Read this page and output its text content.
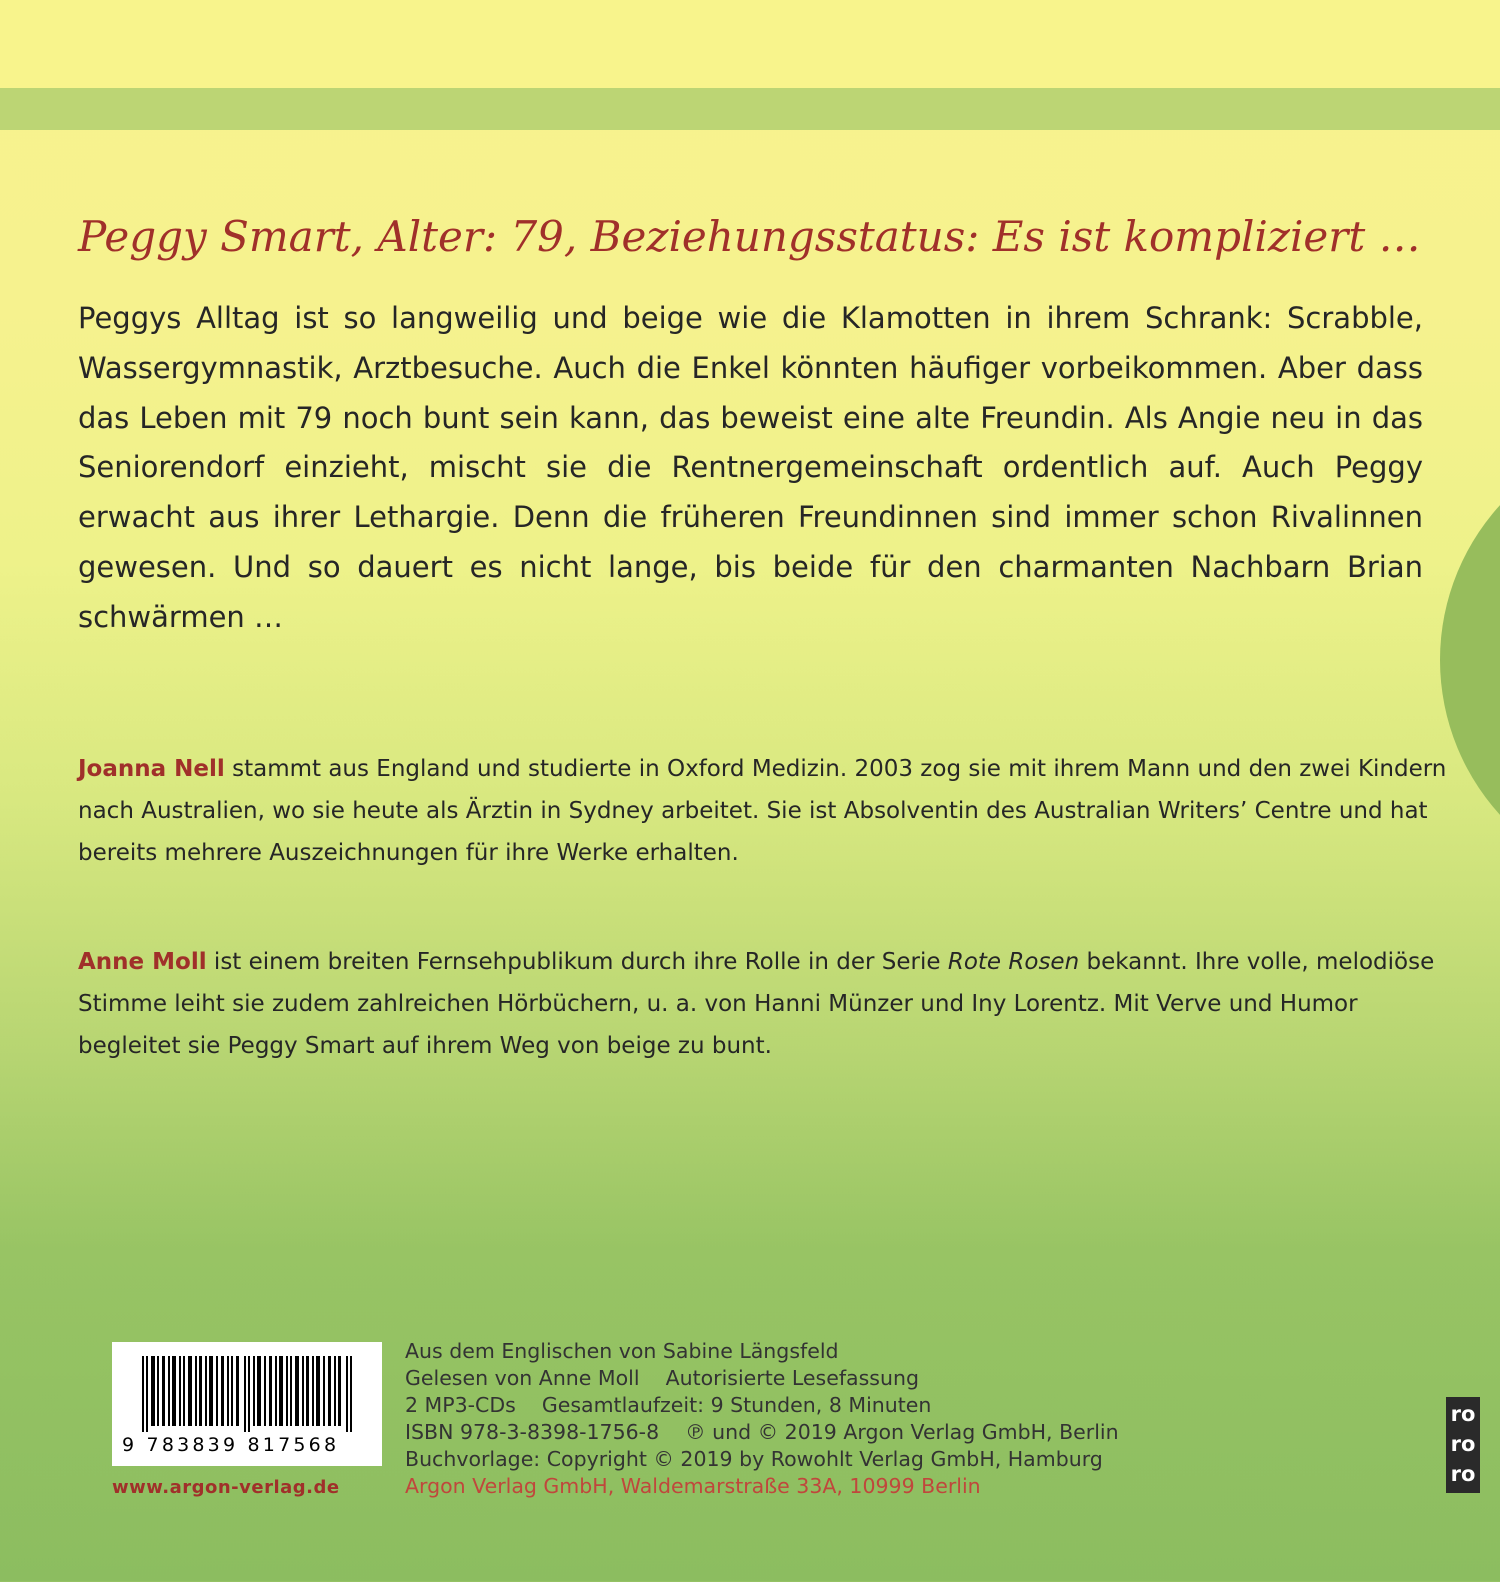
Peggy Smart, Alter: 79, Beziehungsstatus: Es ist kompliziert …
Peggys Alltag ist so langweilig und beige wie die Klamotten in ihrem Schrank: Scrabble, Wassergymnastik, Arztbesuche. Auch die Enkel könnten häufiger vorbeikommen. Aber dass das Leben mit 79 noch bunt sein kann, das beweist eine alte Freundin. Als Angie neu in das Seniorendorf einzieht, mischt sie die Rentnergemeinschaft ordentlich auf. Auch Peggy erwacht aus ihrer Lethargie. Denn die früheren Freundinnen sind immer schon Rivalinnen gewesen. Und so dauert es nicht lange, bis beide für den charmanten Nachbarn Brian schwärmen …
Joanna Nell stammt aus England und studierte in Oxford Medizin. 2003 zog sie mit ihrem Mann und den zwei Kindern nach Australien, wo sie heute als Ärztin in Sydney arbeitet. Sie ist Absolventin des Australian Writers’ Centre und hat bereits mehrere Auszeichnungen für ihre Werke erhalten.
Anne Moll ist einem breiten Fernsehpublikum durch ihre Rolle in der Serie Rote Rosen bekannt. Ihre volle, melodiöse Stimme leiht sie zudem zahlreichen Hörbüchern, u. a. von Hanni Münzer und Iny Lorentz. Mit Verve und Humor begleitet sie Peggy Smart auf ihrem Weg von beige zu bunt.
9 783839 817568
www.argon-verlag.de
Aus dem Englischen von Sabine Längsfeld
Gelesen von Anne Moll Autorisierte Lesefassung
2 MP3-CDs Gesamtlaufzeit: 9 Stunden, 8 Minuten
ISBN 978-3-8398-1756-8 ℗ und © 2019 Argon Verlag GmbH, Berlin
Buchvorlage: Copyright © 2019 by Rowohlt Verlag GmbH, Hamburg
Argon Verlag GmbH, Waldemarstraße 33A, 10999 Berlin
ro
ro
ro
